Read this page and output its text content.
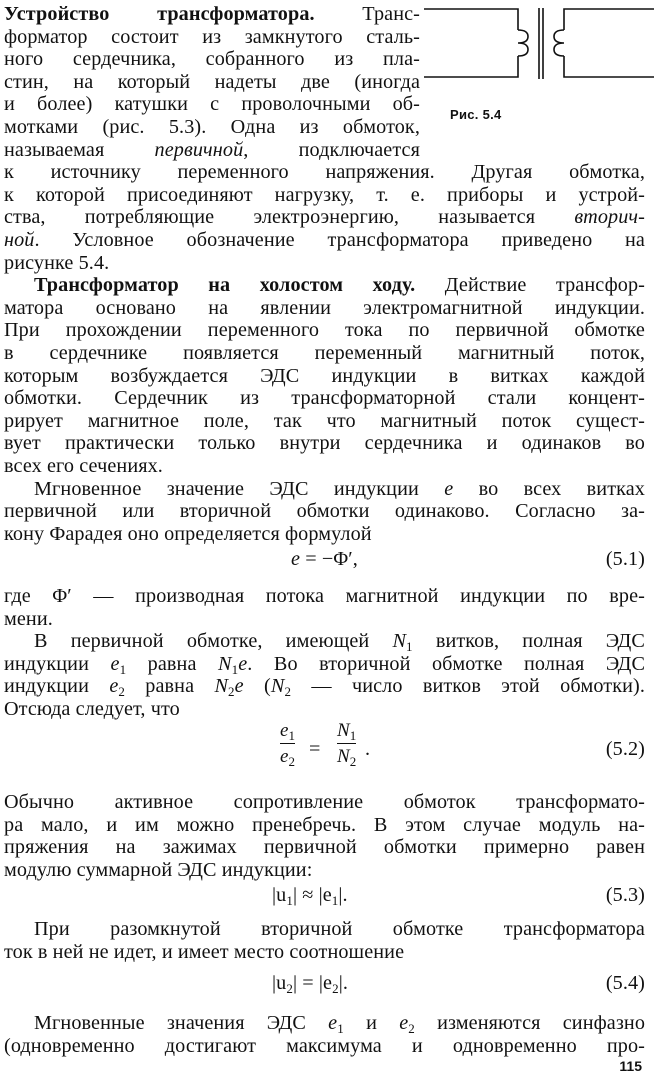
Рис. 5.4
Устройство трансформатора. Транс-
форматор состоит из замкнутого сталь-
ного сердечника, собранного из пла-
стин, на который надеты две (иногда
и более) катушки с проволочными об-
мотками (рис. 5.3). Одна из обмоток,
называемая первичной, подключается
к источнику переменного напряжения. Другая обмотка,
к которой присоединяют нагрузку, т. е. приборы и устрой-
ства, потребляющие электроэнергию, называется вторич-
ной. Условное обозначение трансформатора приведено на
рисунке 5.4.
Трансформатор на холостом ходу. Действие трансфор-
матора основано на явлении электромагнитной индукции.
При прохождении переменного тока по первичной обмотке
в сердечнике появляется переменный магнитный поток,
которым возбуждается ЭДС индукции в витках каждой
обмотки. Сердечник из трансформаторной стали концент-
рирует магнитное поле, так что магнитный поток сущест-
вует практически только внутри сердечника и одинаков во
всех его сечениях.
Мгновенное значение ЭДС индукции e во всех витках
первичной или вторичной обмотки одинаково. Согласно за-
кону Фарадея оно определяется формулой
e = −Φ′,	(5.1)
где Φ′ — производная потока магнитной индукции по вре-
мени.
В первичной обмотке, имеющей $N_1$ витков, полная ЭДС
индукции $e_1$ равна $N_1e$. Во вторичной обмотке полная ЭДС
индукции $e_2$ равна $N_2e$ ($N_2$ — число витков этой обмотки).
Отсюда следует, что
$e_1$
$e_2$
=
$N_1$
$N_2$
.	(5.2)
Обычно активное сопротивление обмоток трансформато-
ра мало, и им можно пренебречь. В этом случае модуль на-
пряжения на зажимах первичной обмотки примерно равен
модулю суммарной ЭДС индукции:
$|u_1| \approx |e_1|$.	(5.3)
При разомкнутой вторичной обмотке трансформатора
ток в ней не идет, и имеет место соотношение
$|u_2| = |e_2|$.	(5.4)
Мгновенные значения ЭДС $e_1$ и $e_2$ изменяются синфазно
(одновременно достигают максимума и одновременно про-
115
